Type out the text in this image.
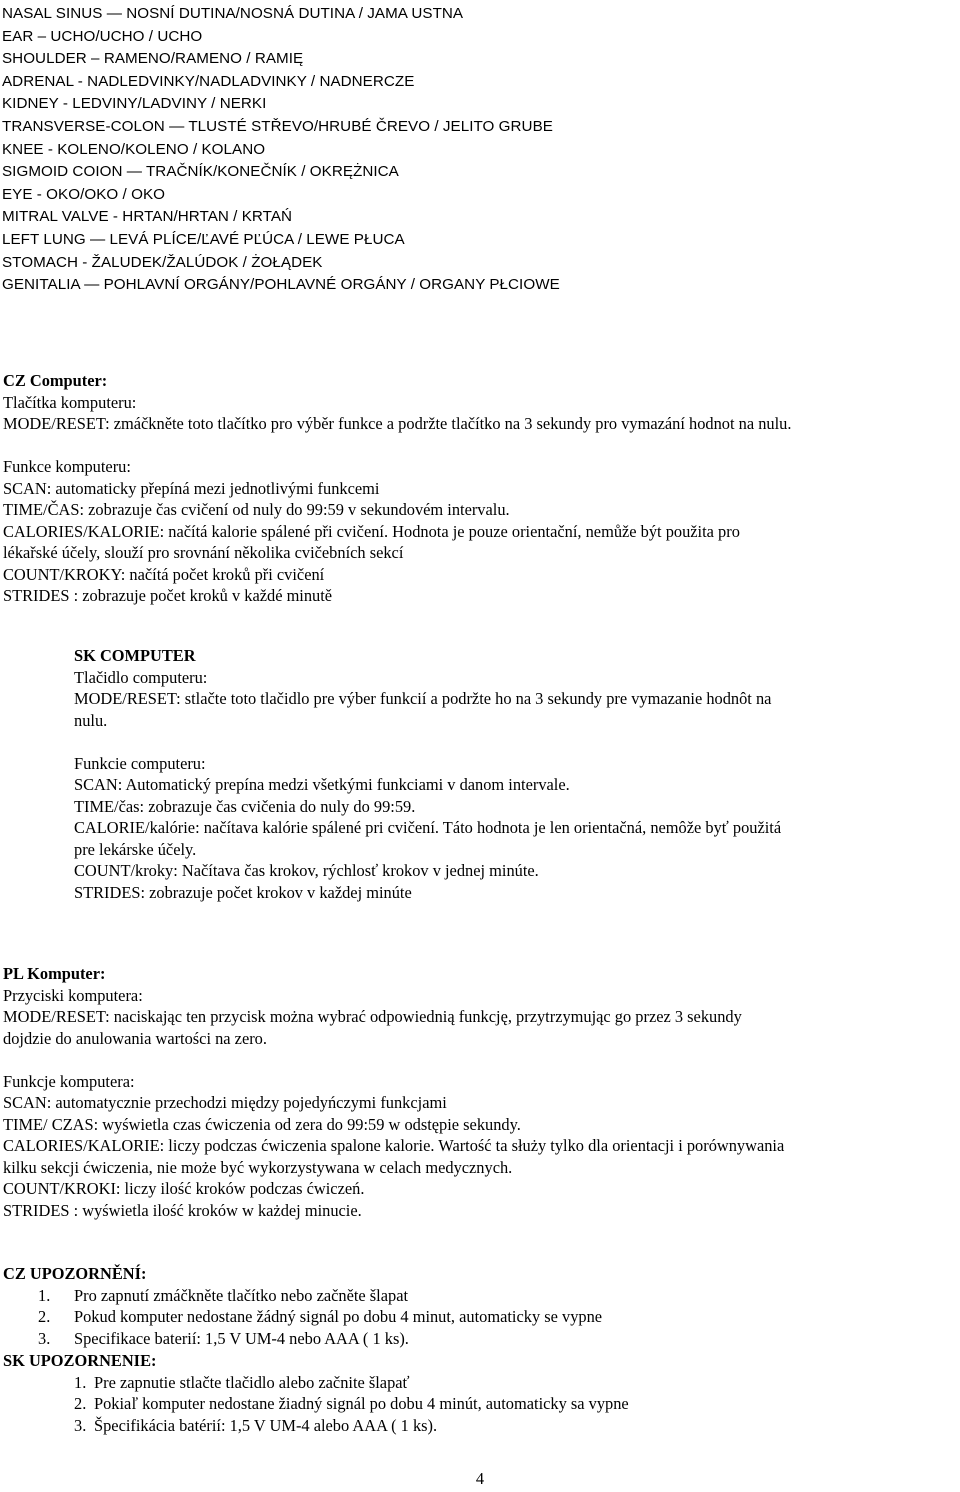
NASAL SINUS — NOSNÍ DUTINA/NOSNÁ DUTINA / JAMA USTNA
EAR – UCHO/UCHO / UCHO
SHOULDER – RAMENO/RAMENO / RAMIĘ
ADRENAL - NADLEDVINKY/NADLADVINKY / NADNERCZE
KIDNEY - LEDVINY/LADVINY / NERKI
TRANSVERSE-COLON — TLUSTÉ STŘEVO/HRUBÉ ČREVO / JELITO GRUBE
KNEE - KOLENO/KOLENO / KOLANO
SIGMOID COION — TRAČNÍK/KONEČNÍK / OKRĘŻNICA
EYE - OKO/OKO / OKO
MITRAL VALVE - HRTAN/HRTAN / KRTAŃ
LEFT LUNG — LEVÁ PLÍCE/ĽAVÉ PĽÚCA / LEWE PŁUCA
STOMACH - ŽALUDEK/ŽALÚDOK / ŻOŁĄDEK
GENITALIA — POHLAVNÍ ORGÁNY/POHLAVNÉ ORGÁNY / ORGANY PŁCIOWE
CZ Computer:
Tlačítka komputeru:
MODE/RESET: zmáčkněte toto tlačítko pro výběr funkce a podržte tlačítko na 3 sekundy pro vymazání hodnot na nulu.
Funkce komputeru:
SCAN: automaticky přepíná mezi jednotlivými funkcemi
TIME/ČAS: zobrazuje čas cvičení od nuly do 99:59 v sekundovém intervalu.
CALORIES/KALORIE: načítá kalorie spálené při cvičení. Hodnota je pouze orientační, nemůže být použita pro
lékařské účely, slouží pro srovnání několika cvičebních sekcí
COUNT/KROKY: načítá počet kroků při cvičení
STRIDES : zobrazuje počet kroků v každé minutě
SK COMPUTER
Tlačidlo computeru:
MODE/RESET: stlačte toto tlačidlo pre výber funkcií a podržte ho na 3 sekundy pre vymazanie hodnôt na
nulu.
Funkcie computeru:
SCAN: Automatický prepína medzi všetkými funkciami v danom intervale.
TIME/čas: zobrazuje čas cvičenia do nuly do 99:59.
CALORIE/kalórie: načítava kalórie spálené pri cvičení. Táto hodnota je len orientačná, nemôže byť použitá
pre lekárske účely.
COUNT/kroky: Načítava čas krokov, rýchlosť krokov v jednej minúte.
STRIDES: zobrazuje počet krokov v každej minúte
PL Komputer:
Przyciski komputera:
MODE/RESET: naciskając ten przycisk można wybrać odpowiednią funkcję, przytrzymując go przez 3 sekundy
dojdzie do anulowania wartości na zero.
Funkcje komputera:
SCAN: automatycznie przechodzi między pojedyńczymi funkcjami
TIME/ CZAS: wyświetla czas ćwiczenia od zera do 99:59 w odstępie sekundy.
CALORIES/KALORIE: liczy podczas ćwiczenia spalone kalorie. Wartość ta służy tylko dla orientacji i porównywania
kilku sekcji ćwiczenia, nie może być wykorzystywana w celach medycznych.
COUNT/KROKI: liczy ilość kroków podczas ćwiczeń.
STRIDES : wyświetla ilość kroków w każdej minucie.
CZ UPOZORNĚNÍ:
1.	Pro zapnutí zmáčkněte tlačítko nebo začněte šlapat
2.	Pokud komputer nedostane žádný signál po dobu 4 minut, automaticky se vypne
3.	Specifikace baterií: 1,5 V UM-4 nebo AAA ( 1 ks).
SK UPOZORNENIE:
1. Pre zapnutie stlačte tlačidlo alebo začnite šlapať
2. Pokiaľ komputer nedostane žiadný signál po dobu 4 minút, automaticky sa vypne
3. Špecifikácia batérií: 1,5 V UM-4 alebo AAA ( 1 ks).
4
